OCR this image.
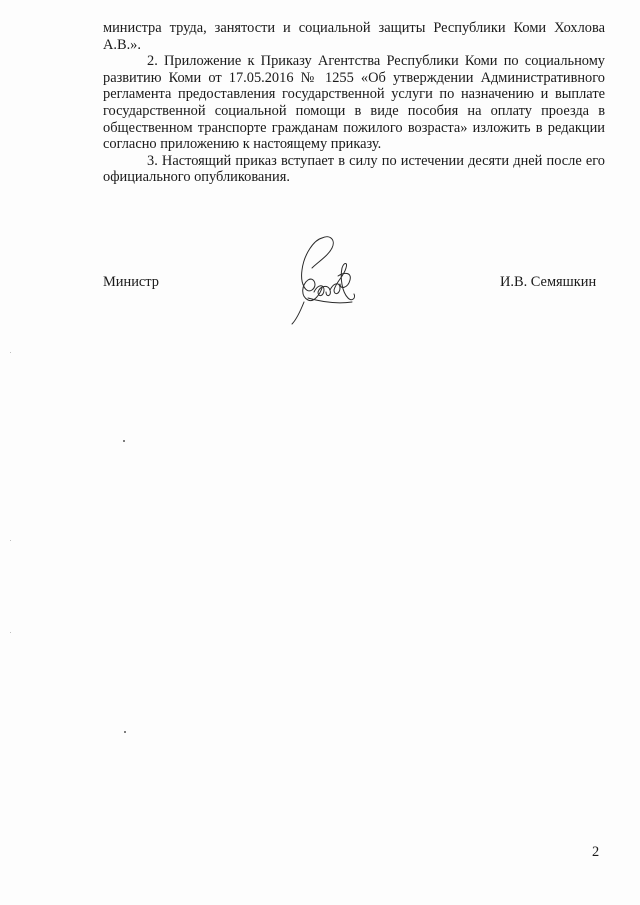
министра труда, занятости и социальной защиты Республики Коми Хохлова А.В.».

2. Приложение к Приказу Агентства Республики Коми по социальному развитию Коми от 17.05.2016 № 1255 «Об утверждении Административного регламента предоставления государственной услуги по назначению и выплате государственной социальной помощи в виде пособия на оплату проезда в общественном транспорте гражданам пожилого возраста» изложить в редакции согласно приложению к настоящему приказу.

3. Настоящий приказ вступает в силу по истечении десяти дней после его официального опубликования.

Министр	И.В. Семяшкин
2
